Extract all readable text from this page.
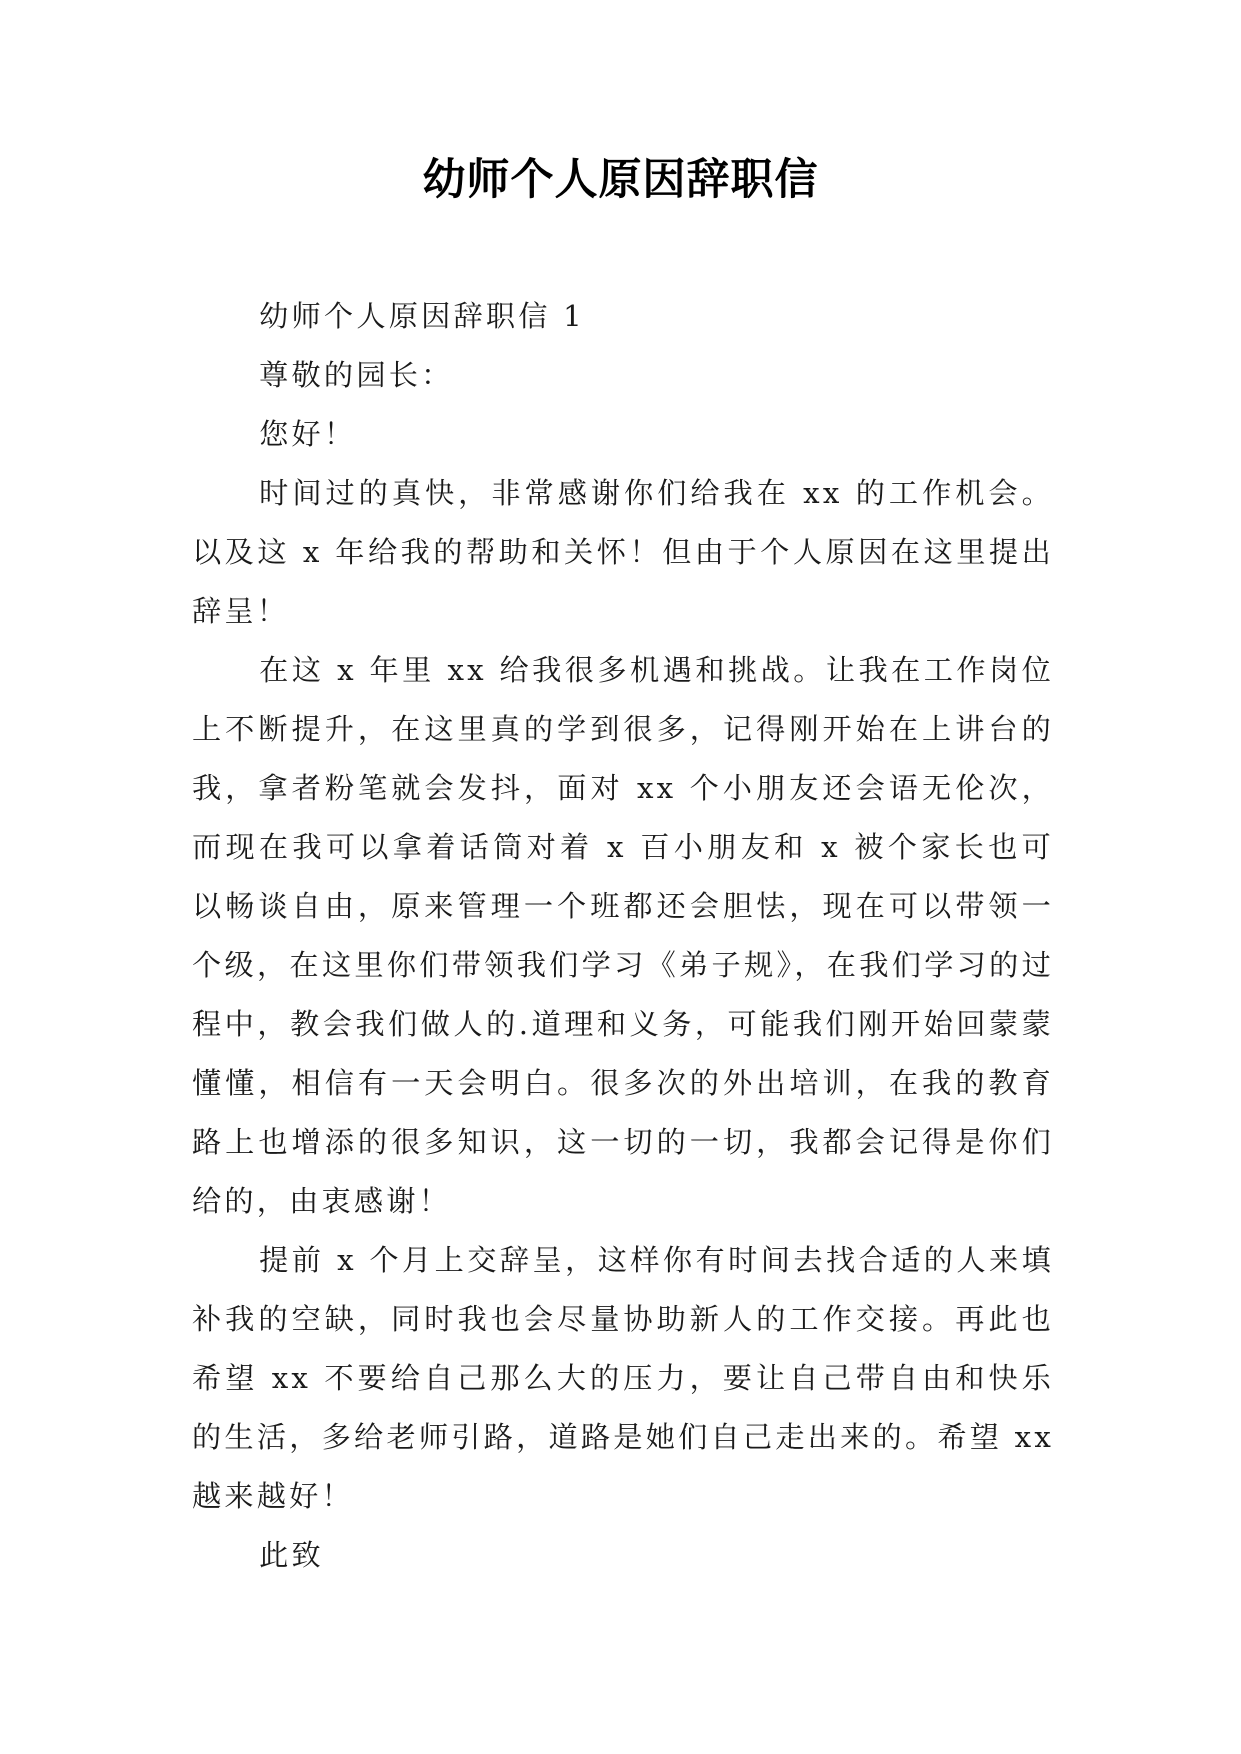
幼师个人原因辞职信

幼师个人原因辞职信 1

尊敬的园长：

您好！

时间过的真快，非常感谢你们给我在 xx 的工作机会。以及这 x 年给我的帮助和关怀！但由于个人原因在这里提出辞呈！

在这 x 年里 xx 给我很多机遇和挑战。让我在工作岗位上不断提升，在这里真的学到很多，记得刚开始在上讲台的我，拿者粉笔就会发抖，面对 xx 个小朋友还会语无伦次，而现在我可以拿着话筒对着 x 百小朋友和 x 被个家长也可以畅谈自由，原来管理一个班都还会胆怯，现在可以带领一个级，在这里你们带领我们学习《弟子规》，在我们学习的过程中，教会我们做人的.道理和义务，可能我们刚开始回蒙蒙懂懂，相信有一天会明白。很多次的外出培训，在我的教育路上也增添的很多知识，这一切的一切，我都会记得是你们给的，由衷感谢！

提前 x 个月上交辞呈，这样你有时间去找合适的人来填补我的空缺，同时我也会尽量协助新人的工作交接。再此也希望 xx 不要给自己那么大的压力，要让自己带自由和快乐的生活，多给老师引路，道路是她们自己走出来的。希望 xx 越来越好！

此致
